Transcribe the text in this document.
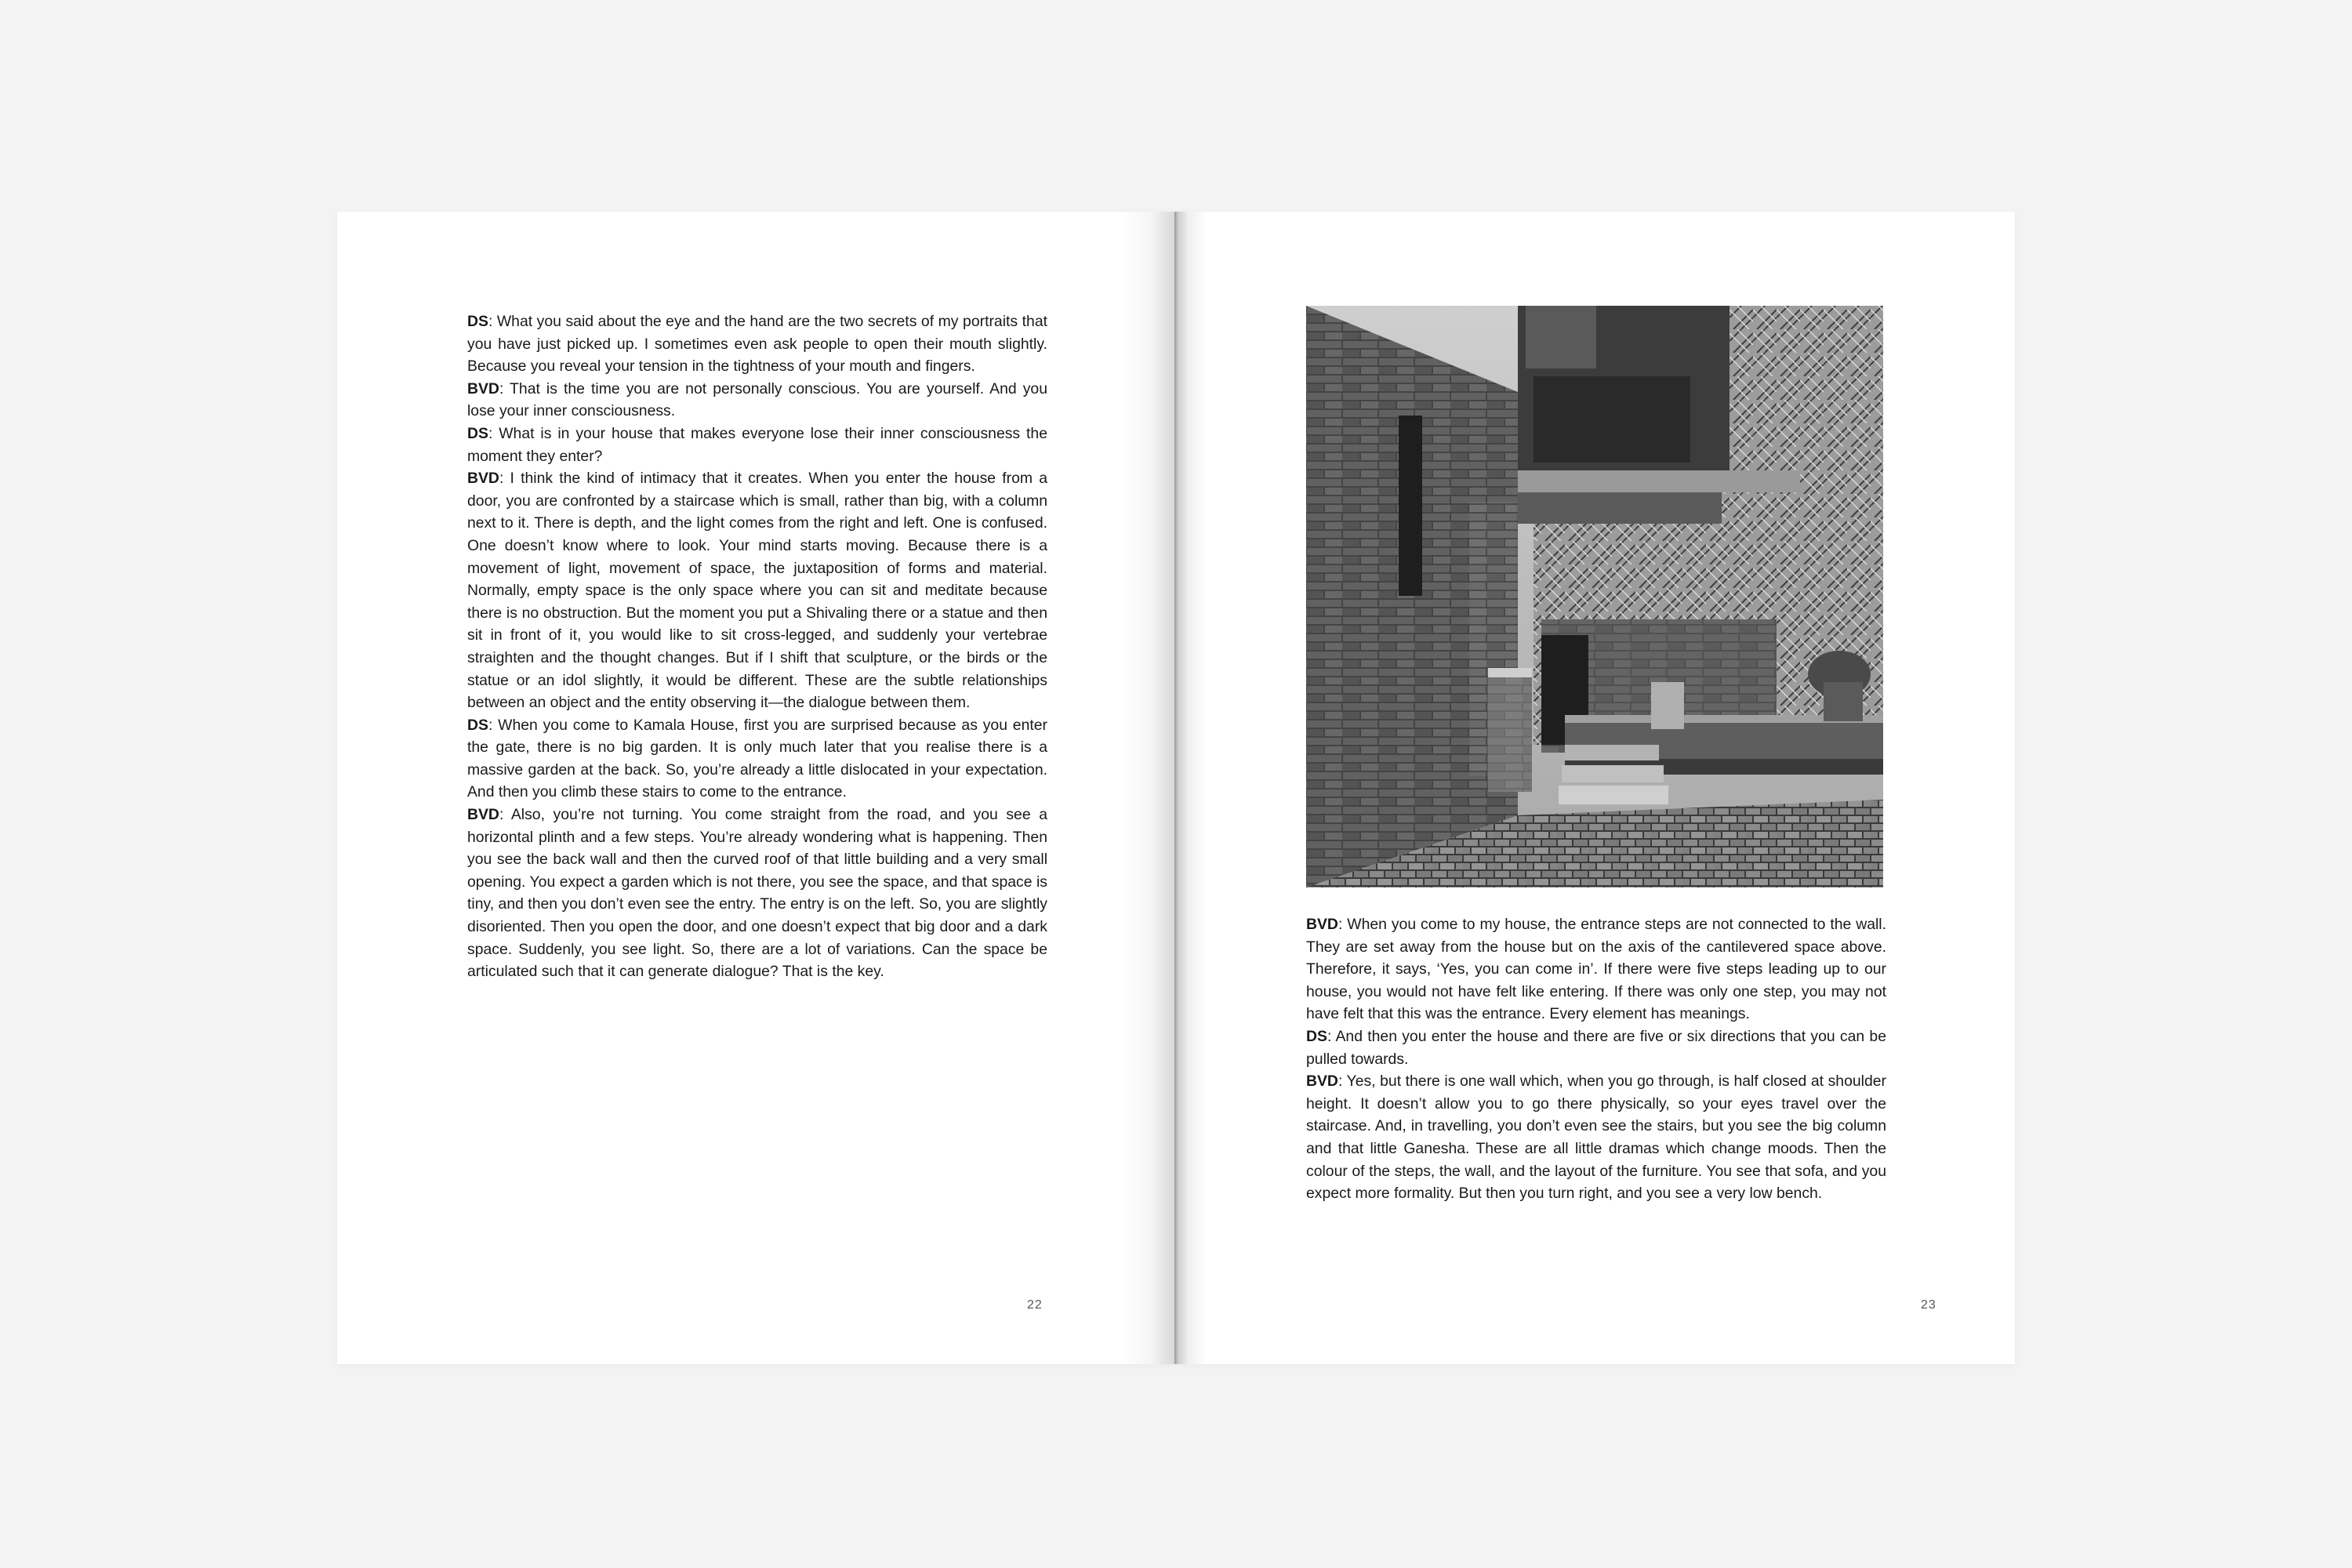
DS: What you said about the eye and the hand are the two secrets of my portraits that you have just picked up. I sometimes even ask people to open their mouth slightly. Because you reveal your tension in the tightness of your mouth and fingers.

BVD: That is the time you are not personally conscious. You are yourself. And you lose your inner consciousness.

DS: What is in your house that makes everyone lose their inner consciousness the moment they enter?

BVD: I think the kind of intimacy that it creates. When you enter the house from a door, you are confronted by a staircase which is small, rather than big, with a column next to it. There is depth, and the light comes from the right and left. One is confused. One doesn’t know where to look. Your mind starts moving. Because there is a movement of light, movement of space, the juxtaposition of forms and material. Normally, empty space is the only space where you can sit and meditate because there is no obstruction. But the moment you put a Shivaling there or a statue and then sit in front of it, you would like to sit cross-legged, and suddenly your vertebrae straighten and the thought changes. But if I shift that sculpture, or the birds or the statue or an idol slightly, it would be different. These are the subtle relationships between an object and the entity observing it—the dialogue between them.

DS: When you come to Kamala House, first you are surprised because as you enter the gate, there is no big garden. It is only much later that you realise there is a massive garden at the back. So, you’re already a little dislocated in your expectation. And then you climb these stairs to come to the entrance.

BVD: Also, you’re not turning. You come straight from the road, and you see a horizontal plinth and a few steps. You’re already wondering what is happening. Then you see the back wall and then the curved roof of that little building and a very small opening. You expect a garden which is not there, you see the space, and that space is tiny, and then you don’t even see the entry. The entry is on the left. So, you are slightly disoriented. Then you open the door, and one doesn’t expect that big door and a dark space. Suddenly, you see light. So, there are a lot of variations. Can the space be articulated such that it can generate dialogue? That is the key.

22

BVD: When you come to my house, the entrance steps are not connected to the wall. They are set away from the house but on the axis of the cantilevered space above. Therefore, it says, ‘Yes, you can come in’. If there were five steps leading up to our house, you would not have felt like entering. If there was only one step, you may not have felt that this was the entrance. Every element has meanings.

DS: And then you enter the house and there are five or six directions that you can be pulled towards.

BVD: Yes, but there is one wall which, when you go through, is half closed at shoulder height. It doesn’t allow you to go there physically, so your eyes travel over the staircase. And, in travelling, you don’t even see the stairs, but you see the big column and that little Ganesha. These are all little dramas which change moods. Then the colour of the steps, the wall, and the layout of the furniture. You see that sofa, and you expect more formality. But then you turn right, and you see a very low bench.

23
